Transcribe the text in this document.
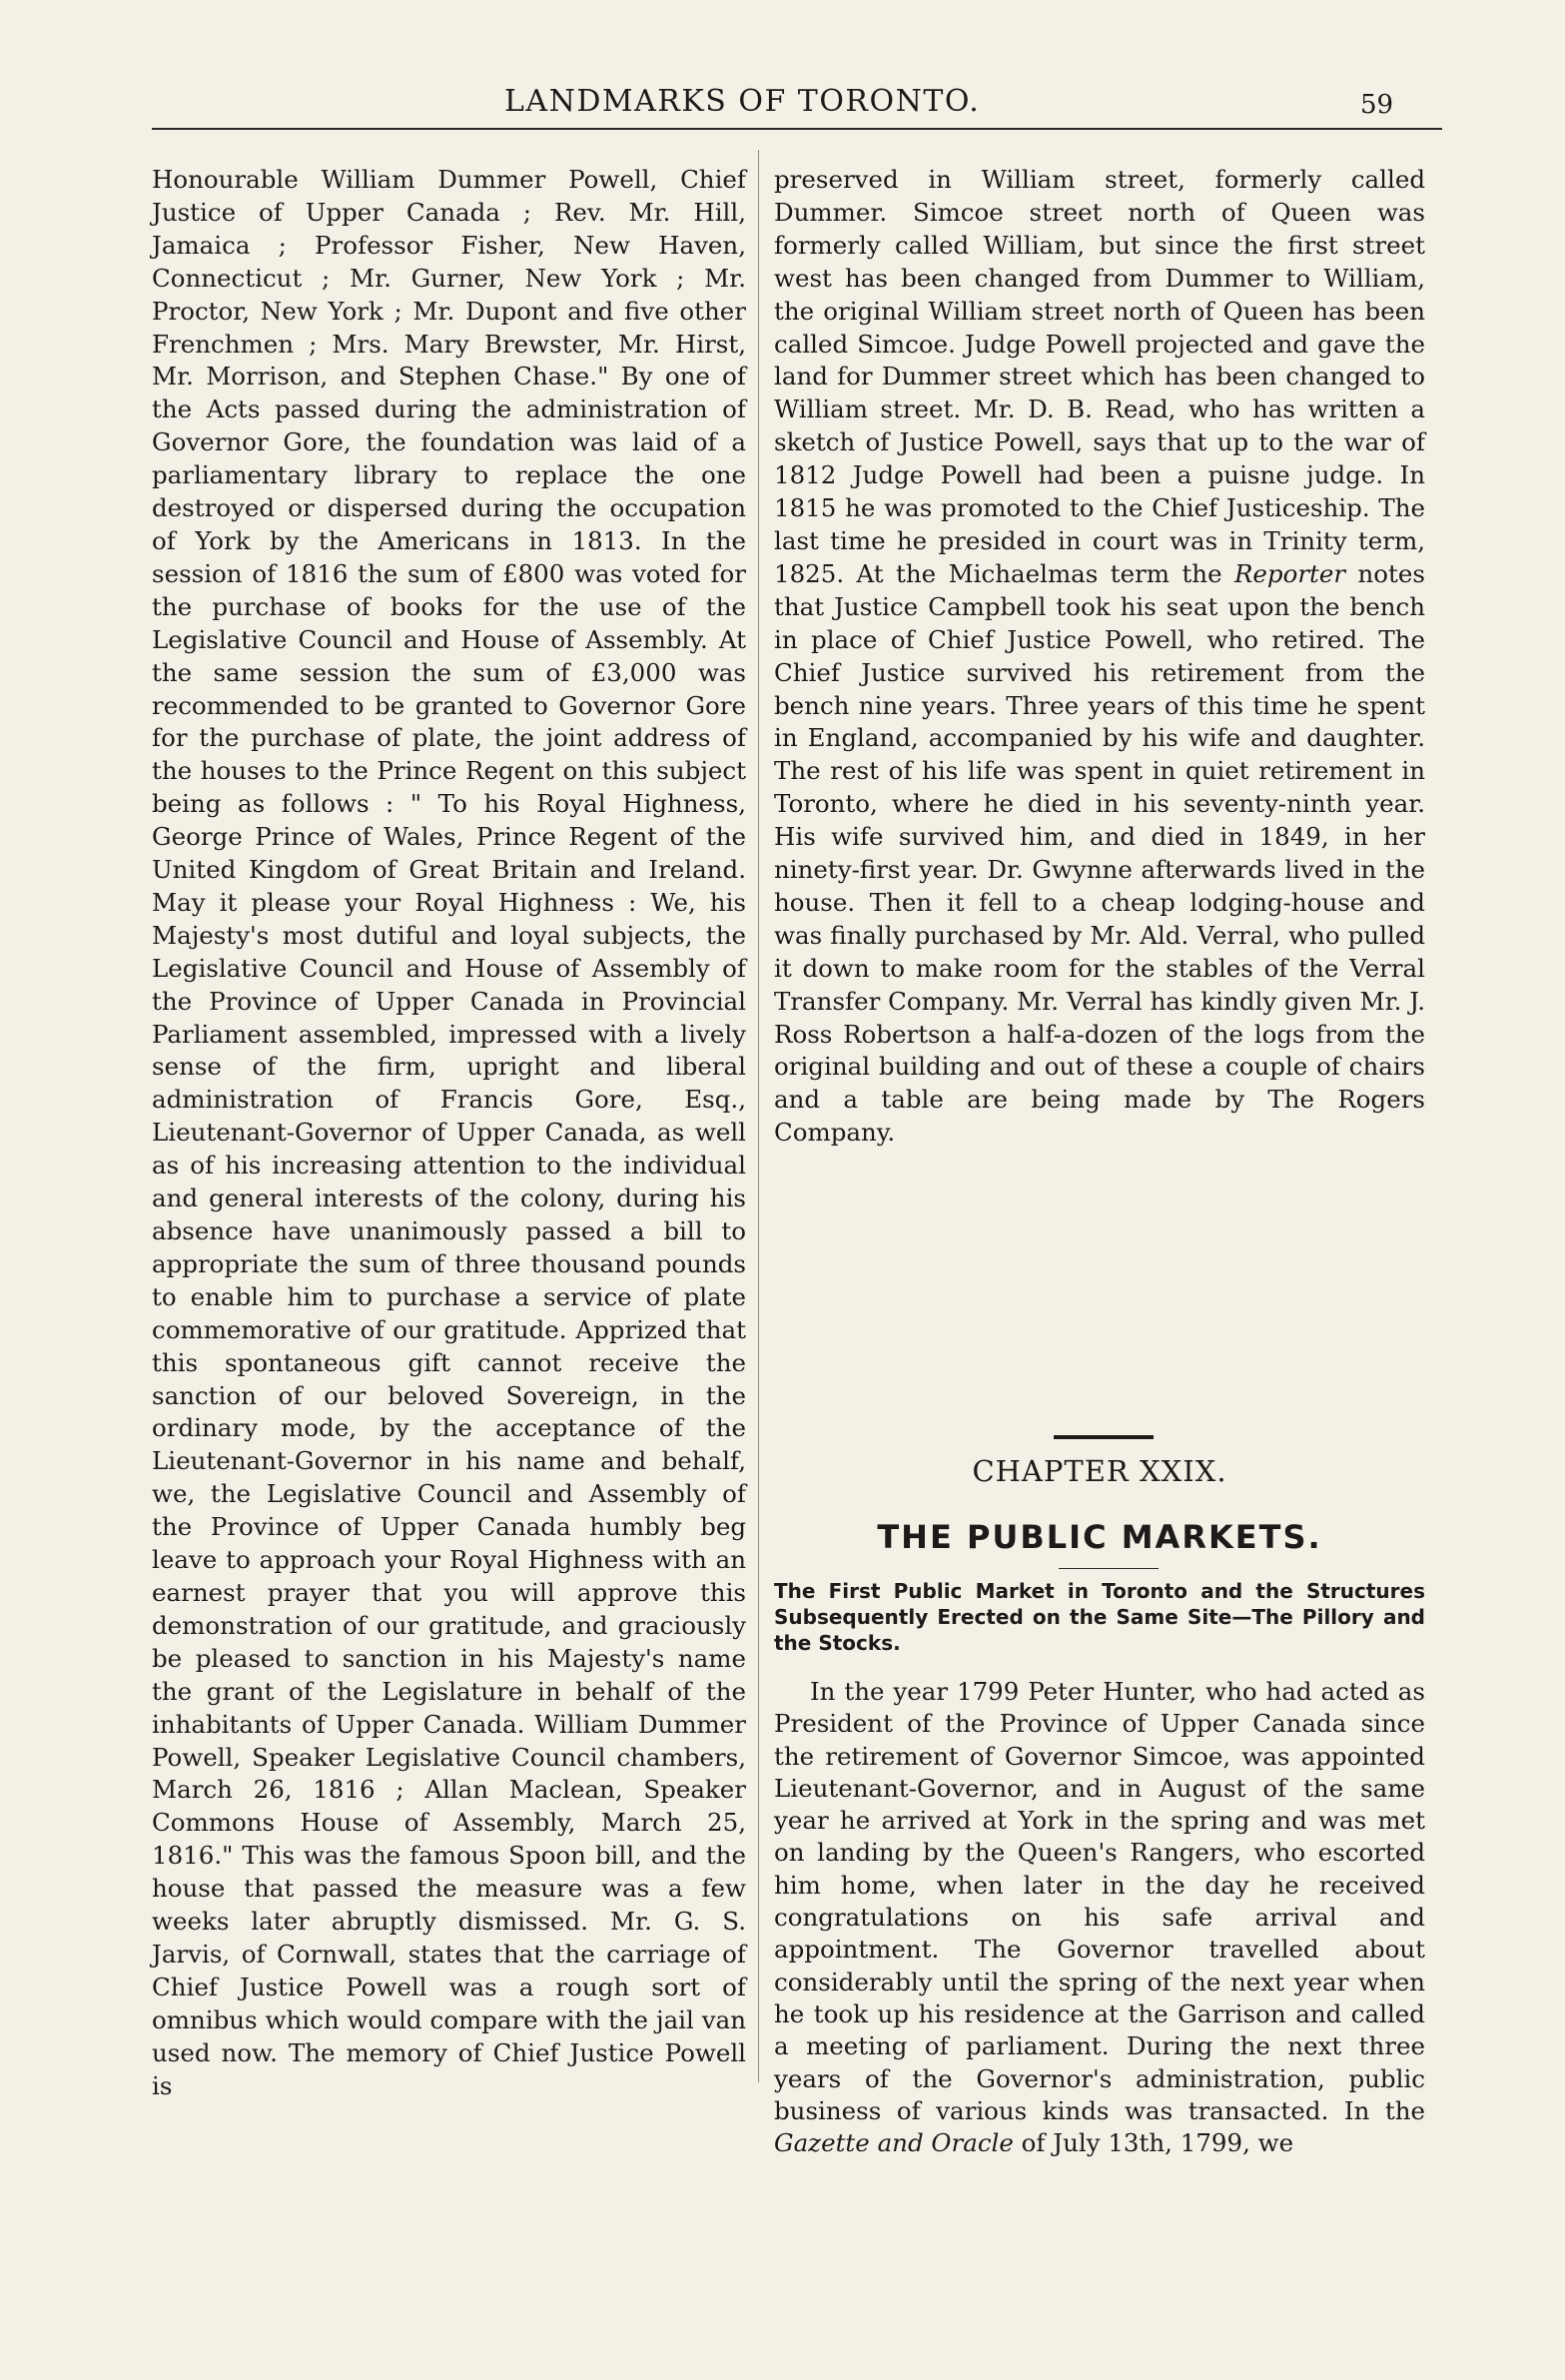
LANDMARKS OF TORONTO.	59

Honourable William Dummer Powell, Chief Justice of Upper Canada ; Rev. Mr. Hill, Jamaica ; Professor Fisher, New Haven, Connecticut ; Mr. Gurner, New York ; Mr. Proctor, New York ; Mr. Dupont and five other Frenchmen ; Mrs. Mary Brewster, Mr. Hirst, Mr. Morrison, and Stephen Chase." By one of the Acts passed during the administration of Governor Gore, the foundation was laid of a parliamentary library to replace the one destroyed or dispersed during the occupation of York by the Americans in 1813. In the session of 1816 the sum of £800 was voted for the purchase of books for the use of the Legislative Council and House of Assembly. At the same session the sum of £3,000 was recommended to be granted to Governor Gore for the purchase of plate, the joint address of the houses to the Prince Regent on this subject being as follows : " To his Royal Highness, George Prince of Wales, Prince Regent of the United Kingdom of Great Britain and Ireland. May it please your Royal Highness : We, his Majesty's most dutiful and loyal subjects, the Legislative Council and House of Assembly of the Province of Upper Canada in Provincial Parliament assembled, impressed with a lively sense of the firm, upright and liberal administration of Francis Gore, Esq., Lieutenant-Governor of Upper Canada, as well as of his increasing attention to the individual and general interests of the colony, during his absence have unanimously passed a bill to appropriate the sum of three thousand pounds to enable him to purchase a service of plate commemorative of our gratitude. Apprized that this spontaneous gift cannot receive the sanction of our beloved Sovereign, in the ordinary mode, by the acceptance of the Lieutenant-Governor in his name and behalf, we, the Legislative Council and Assembly of the Province of Upper Canada humbly beg leave to approach your Royal Highness with an earnest prayer that you will approve this demonstration of our gratitude, and graciously be pleased to sanction in his Majesty's name the grant of the Legislature in behalf of the inhabitants of Upper Canada. William Dummer Powell, Speaker Legislative Council chambers, March 26, 1816 ; Allan Maclean, Speaker Commons House of Assembly, March 25, 1816." This was the famous Spoon bill, and the house that passed the measure was a few weeks later abruptly dismissed. Mr. G. S. Jarvis, of Cornwall, states that the carriage of Chief Justice Powell was a rough sort of omnibus which would compare with the jail van used now. The memory of Chief Justice Powell is

preserved in William street, formerly called Dummer. Simcoe street north of Queen was formerly called William, but since the first street west has been changed from Dummer to William, the original William street north of Queen has been called Simcoe. Judge Powell projected and gave the land for Dummer street which has been changed to William street. Mr. D. B. Read, who has written a sketch of Justice Powell, says that up to the war of 1812 Judge Powell had been a puisne judge. In 1815 he was promoted to the Chief Justiceship. The last time he presided in court was in Trinity term, 1825. At the Michaelmas term the Reporter notes that Justice Campbell took his seat upon the bench in place of Chief Justice Powell, who retired. The Chief Justice survived his retirement from the bench nine years. Three years of this time he spent in England, accompanied by his wife and daughter. The rest of his life was spent in quiet retirement in Toronto, where he died in his seventy-ninth year. His wife survived him, and died in 1849, in her ninety-first year. Dr. Gwynne afterwards lived in the house. Then it fell to a cheap lodging-house and was finally purchased by Mr. Ald. Verral, who pulled it down to make room for the stables of the Verral Transfer Company. Mr. Verral has kindly given Mr. J. Ross Robertson a half-a-dozen of the logs from the original building and out of these a couple of chairs and a table are being made by The Rogers Company.

CHAPTER XXIX.
THE PUBLIC MARKETS.
The First Public Market in Toronto and the Structures Subsequently Erected on the Same Site—The Pillory and the Stocks.

In the year 1799 Peter Hunter, who had acted as President of the Province of Upper Canada since the retirement of Governor Simcoe, was appointed Lieutenant-Governor, and in August of the same year he arrived at York in the spring and was met on landing by the Queen's Rangers, who escorted him home, when later in the day he received congratulations on his safe arrival and appointment. The Governor travelled about considerably until the spring of the next year when he took up his residence at the Garrison and called a meeting of parliament. During the next three years of the Governor's administration, public business of various kinds was transacted. In the Gazette and Oracle of July 13th, 1799, we
